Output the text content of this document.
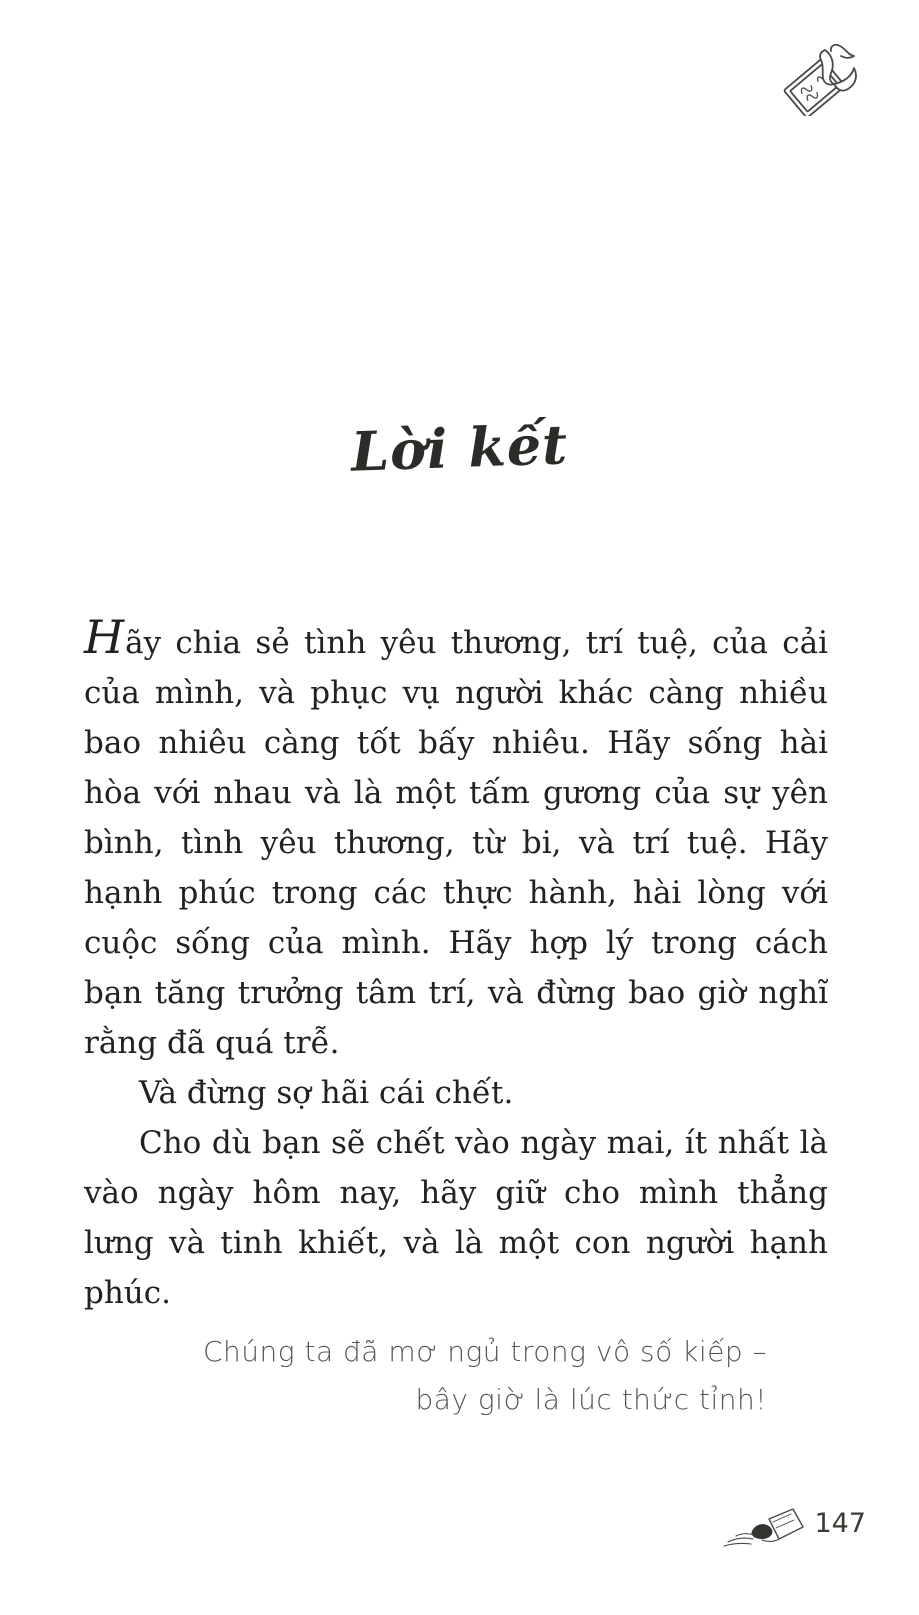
Lời kết

Hãy chia sẻ tình yêu thương, trí tuệ, của cải của mình, và phục vụ người khác càng nhiều bao nhiêu càng tốt bấy nhiêu. Hãy sống hài hòa với nhau và là một tấm gương của sự yên bình, tình yêu thương, từ bi, và trí tuệ. Hãy hạnh phúc trong các thực hành, hài lòng với cuộc sống của mình. Hãy hợp lý trong cách bạn tăng trưởng tâm trí, và đừng bao giờ nghĩ rằng đã quá trễ.

Và đừng sợ hãi cái chết.

Cho dù bạn sẽ chết vào ngày mai, ít nhất là vào ngày hôm nay, hãy giữ cho mình thẳng lưng và tinh khiết, và là một con người hạnh phúc.

Chúng ta đã mơ ngủ trong vô số kiếp –
bây giờ là lúc thức tỉnh!
147
